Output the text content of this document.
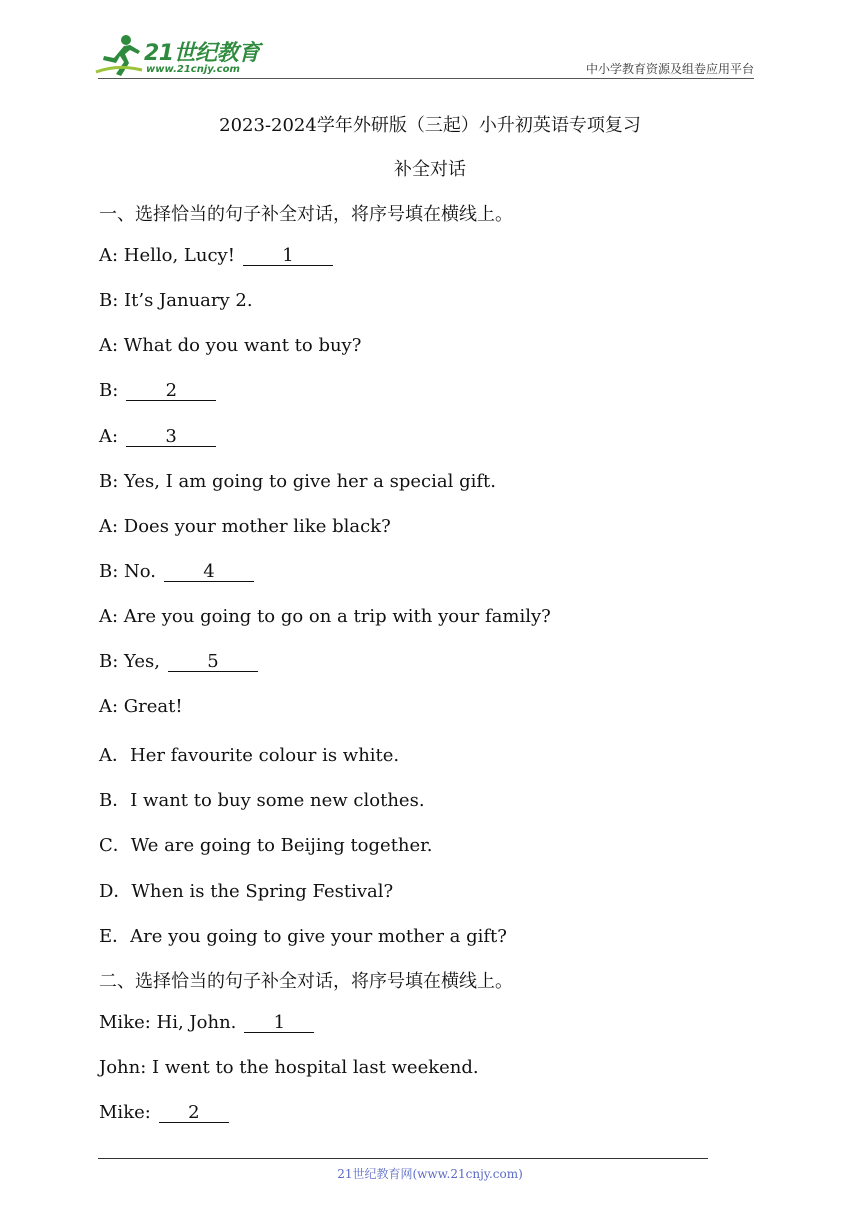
21世纪教育
www.21cnjy.com	中小学教育资源及组卷应用平台
2023-2024学年外研版（三起）小升初英语专项复习
补全对话
一、选择恰当的句子补全对话，将序号填在横线上。
A: Hello, Lucy!	1
B: It’s January 2.
A: What do you want to buy?
B:	2
A:	3
B: Yes, I am going to give her a special gift.
A: Does your mother like black?
B: No.	4
A: Are you going to go on a trip with your family?
B: Yes,	5
A: Great!
A．Her favourite colour is white.
B．I want to buy some new clothes.
C．We are going to Beijing together.
D．When is the Spring Festival?
E．Are you going to give your mother a gift?
二、选择恰当的句子补全对话，将序号填在横线上。
Mike: Hi, John. 1
John: I went to the hospital last weekend.
Mike: 2
21世纪教育网(www.21cnjy.com)
